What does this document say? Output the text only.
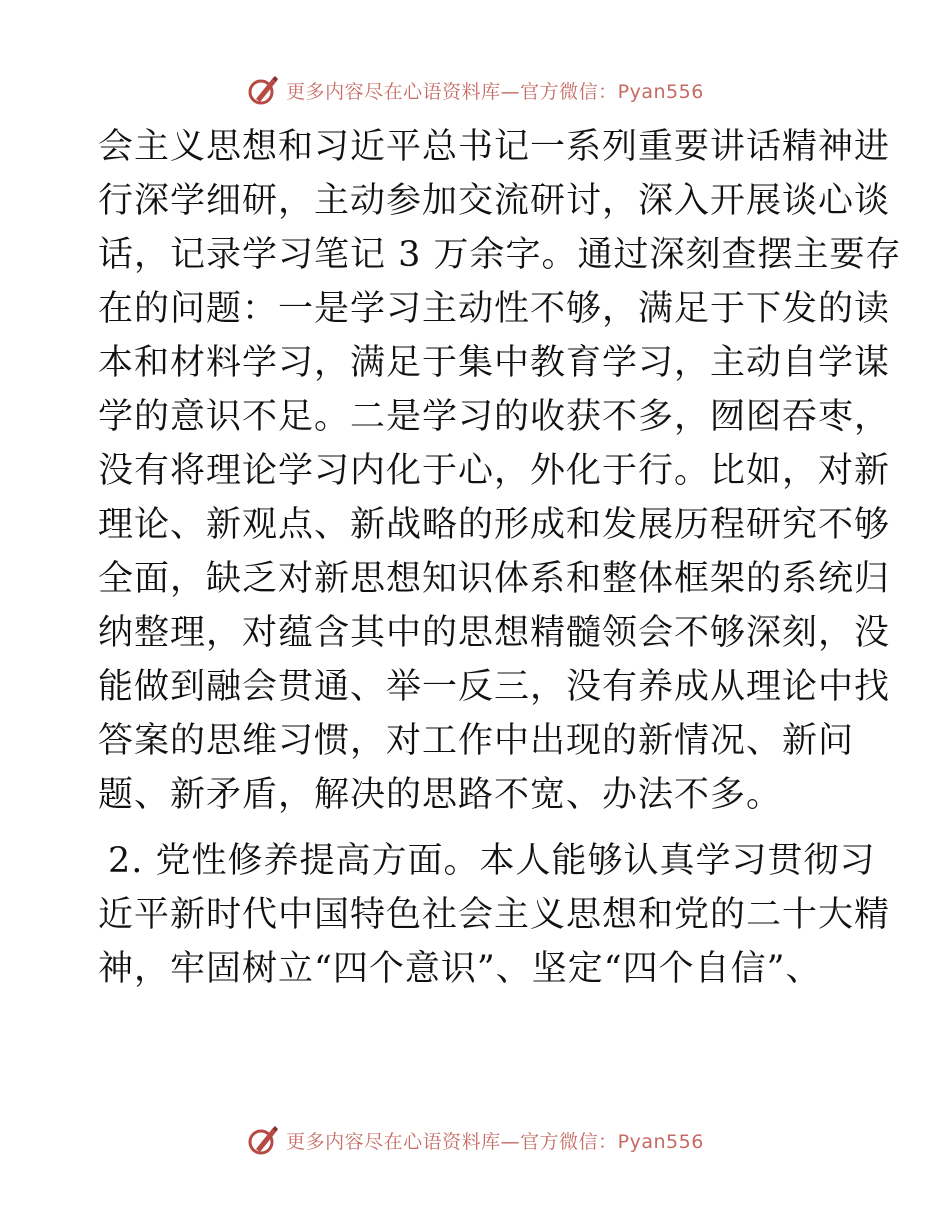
更多内容尽在心语资料库—官方微信：Pyan556

会主义思想和习近平总书记一系列重要讲话精神进
行深学细研，主动参加交流研讨，深入开展谈心谈
话，记录学习笔记 3 万余字。通过深刻查摆主要存
在的问题：一是学习主动性不够，满足于下发的读
本和材料学习，满足于集中教育学习，主动自学谋
学的意识不足。二是学习的收获不多，囫囵吞枣，
没有将理论学习内化于心，外化于行。比如，对新
理论、新观点、新战略的形成和发展历程研究不够
全面，缺乏对新思想知识体系和整体框架的系统归
纳整理，对蕴含其中的思想精髓领会不够深刻，没
能做到融会贯通、举一反三，没有养成从理论中找
答案的思维习惯，对工作中出现的新情况、新问
题、新矛盾，解决的思路不宽、办法不多。

2. 党性修养提高方面。本人能够认真学习贯彻习
近平新时代中国特色社会主义思想和党的二十大精
神，牢固树立“四个意识”、坚定“四个自信”、

更多内容尽在心语资料库—官方微信：Pyan556
